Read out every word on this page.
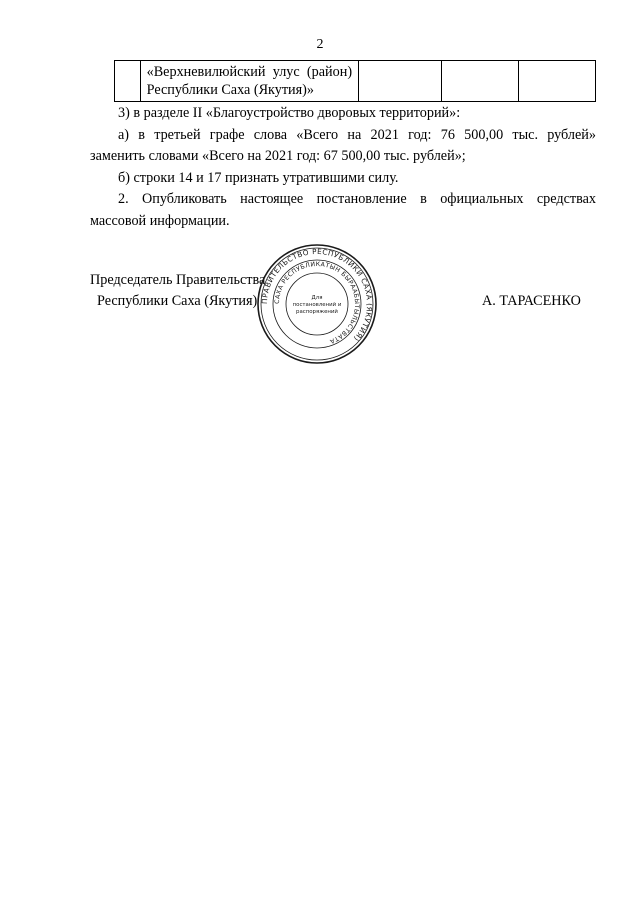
2
	«Верхневилюйский улус (район) Республики Саха (Якутия)»			

3) в разделе II «Благоустройство дворовых территорий»:

а) в третьей графе слова «Всего на 2021 год: 76 500,00 тыс. рублей»

заменить словами «Всего на 2021 год: 67 500,00 тыс. рублей»;

б) строки 14 и 17 признать утратившими силу.

2. Опубликовать настоящее постановление в официальных средствах массовой информации.

Председатель Правительства
Республики Саха (Якутия)	А. ТАРАСЕНКО
ПРАВИТЕЛЬСТВО РЕСПУБЛИКИ САХА (ЯКУТИЯ)
САХА РЕСПУБЛИКАТЫН БЫРААБЫТЫЛЬСТВАТА
Для
постановлений и
распоряжений
